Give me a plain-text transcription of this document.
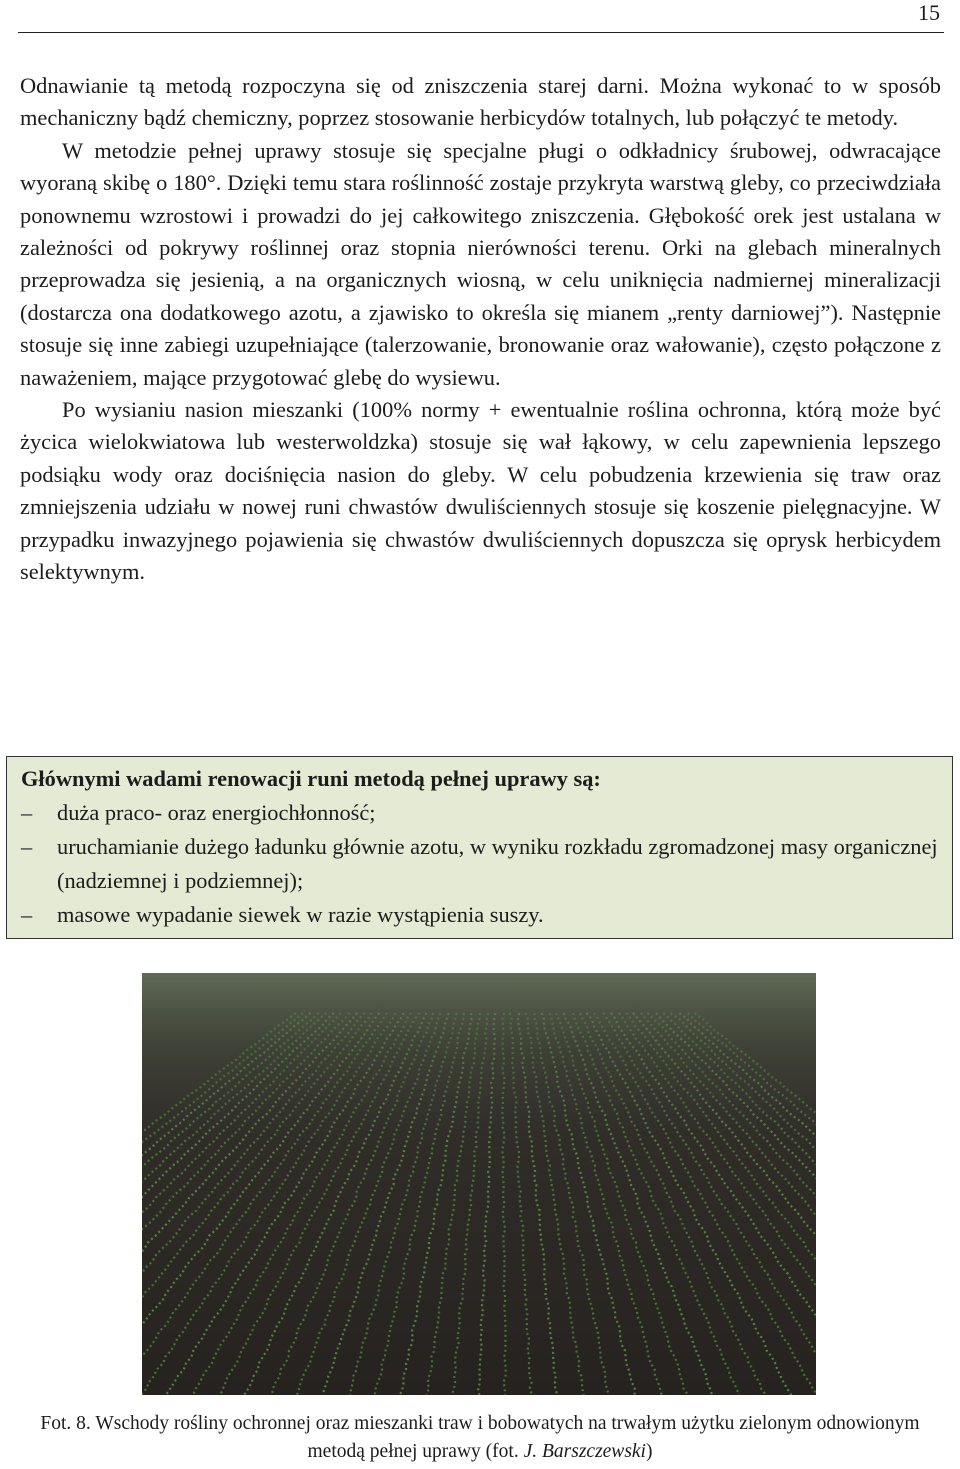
15

Odnawianie tą metodą rozpoczyna się od zniszczenia starej darni. Można wykonać to w sposób mechaniczny bądź chemiczny, poprzez stosowanie herbicydów totalnych, lub połączyć te metody.

W metodzie pełnej uprawy stosuje się specjalne pługi o odkładnicy śrubowej, odwracające wyoraną skibę o 180°. Dzięki temu stara roślinność zostaje przykryta warstwą gleby, co przeciwdziała ponownemu wzrostowi i prowadzi do jej całkowitego zniszczenia. Głębokość orek jest ustalana w zależności od pokrywy roślinnej oraz stopnia nierówności terenu. Orki na glebach mineralnych przeprowadza się jesienią, a na organicznych wiosną, w celu uniknięcia nadmiernej mineralizacji (dostarcza ona dodatkowego azotu, a zjawisko to określa się mianem „renty darniowej”). Następnie stosuje się inne zabiegi uzupełniające (talerzowanie, bronowanie oraz wałowanie), często połączone z naważeniem, mające przygotować glebę do wysiewu.

Po wysianiu nasion mieszanki (100% normy + ewentualnie roślina ochronna, którą może być życica wielokwiatowa lub westerwoldzka) stosuje się wał łąkowy, w celu zapewnienia lepszego podsiąku wody oraz dociśnięcia nasion do gleby. W celu pobudzenia krzewienia się traw oraz zmniejszenia udziału w nowej runi chwastów dwuliściennych stosuje się koszenie pielęgnacyjne. W przypadku inwazyjnego pojawienia się chwastów dwuliściennych dopuszcza się oprysk herbicydem selektywnym.

Głównymi wadami renowacji runi metodą pełnej uprawy są:
–	duża praco- oraz energiochłonność;
–	uruchamianie dużego ładunku głównie azotu, w wyniku rozkładu zgromadzonej masy organicznej (nadziemnej i podziemnej);
–	masowe wypadanie siewek w razie wystąpienia suszy.
Fot. 8. Wschody rośliny ochronnej oraz mieszanki traw i bobowatych na trwałym użytku zielonym odnowionym metodą pełnej uprawy (fot. J. Barszczewski)
